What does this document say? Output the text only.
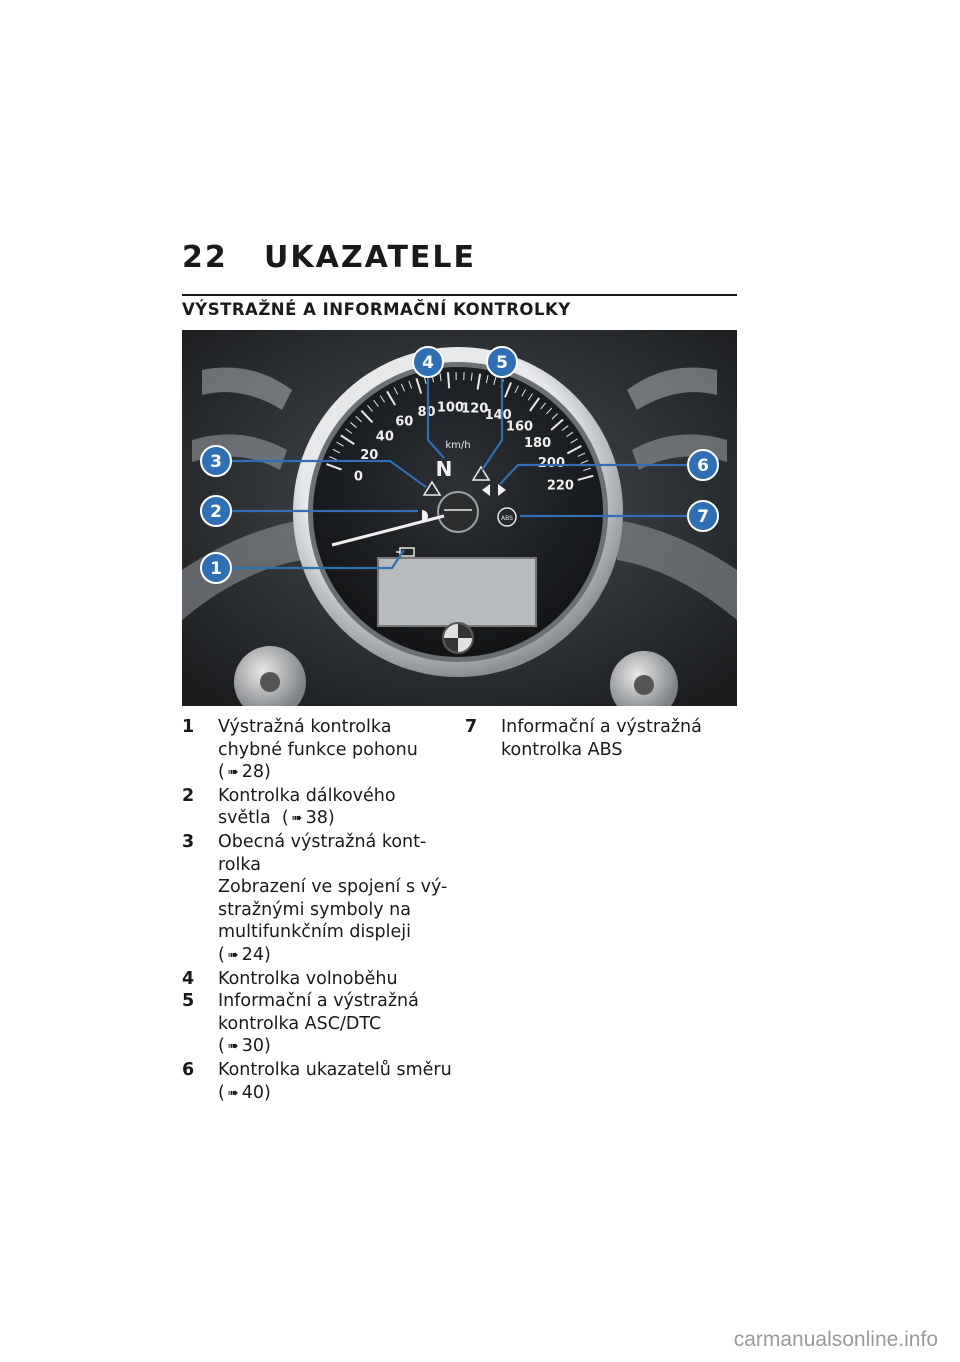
22 UKAZATELE
VÝSTRAŽNÉ A INFORMAČNÍ KONTROLKY
0
20
40
60
80 100
120
140
160
180
200
220
km/h
N
ABS
1
2
3
4	5
6
7
1 Výstražná kontrolka
chybné funkce pohonu
( ➠ 28)
2 Kontrolka dálkového
světla ( ➠ 38)
3 Obecná výstražná kont-
rolka
Zobrazení ve spojení s vý-
stražnými symboly na
multifunkčním displeji
( ➠ 24)
4 Kontrolka volnoběhu
5 Informační a výstražná
kontrolka ASC/DTC
( ➠ 30)
6 Kontrolka ukazatelů směru
( ➠ 40)
7 Informační a výstražná
kontrolka ABS
carmanualsonline.info
